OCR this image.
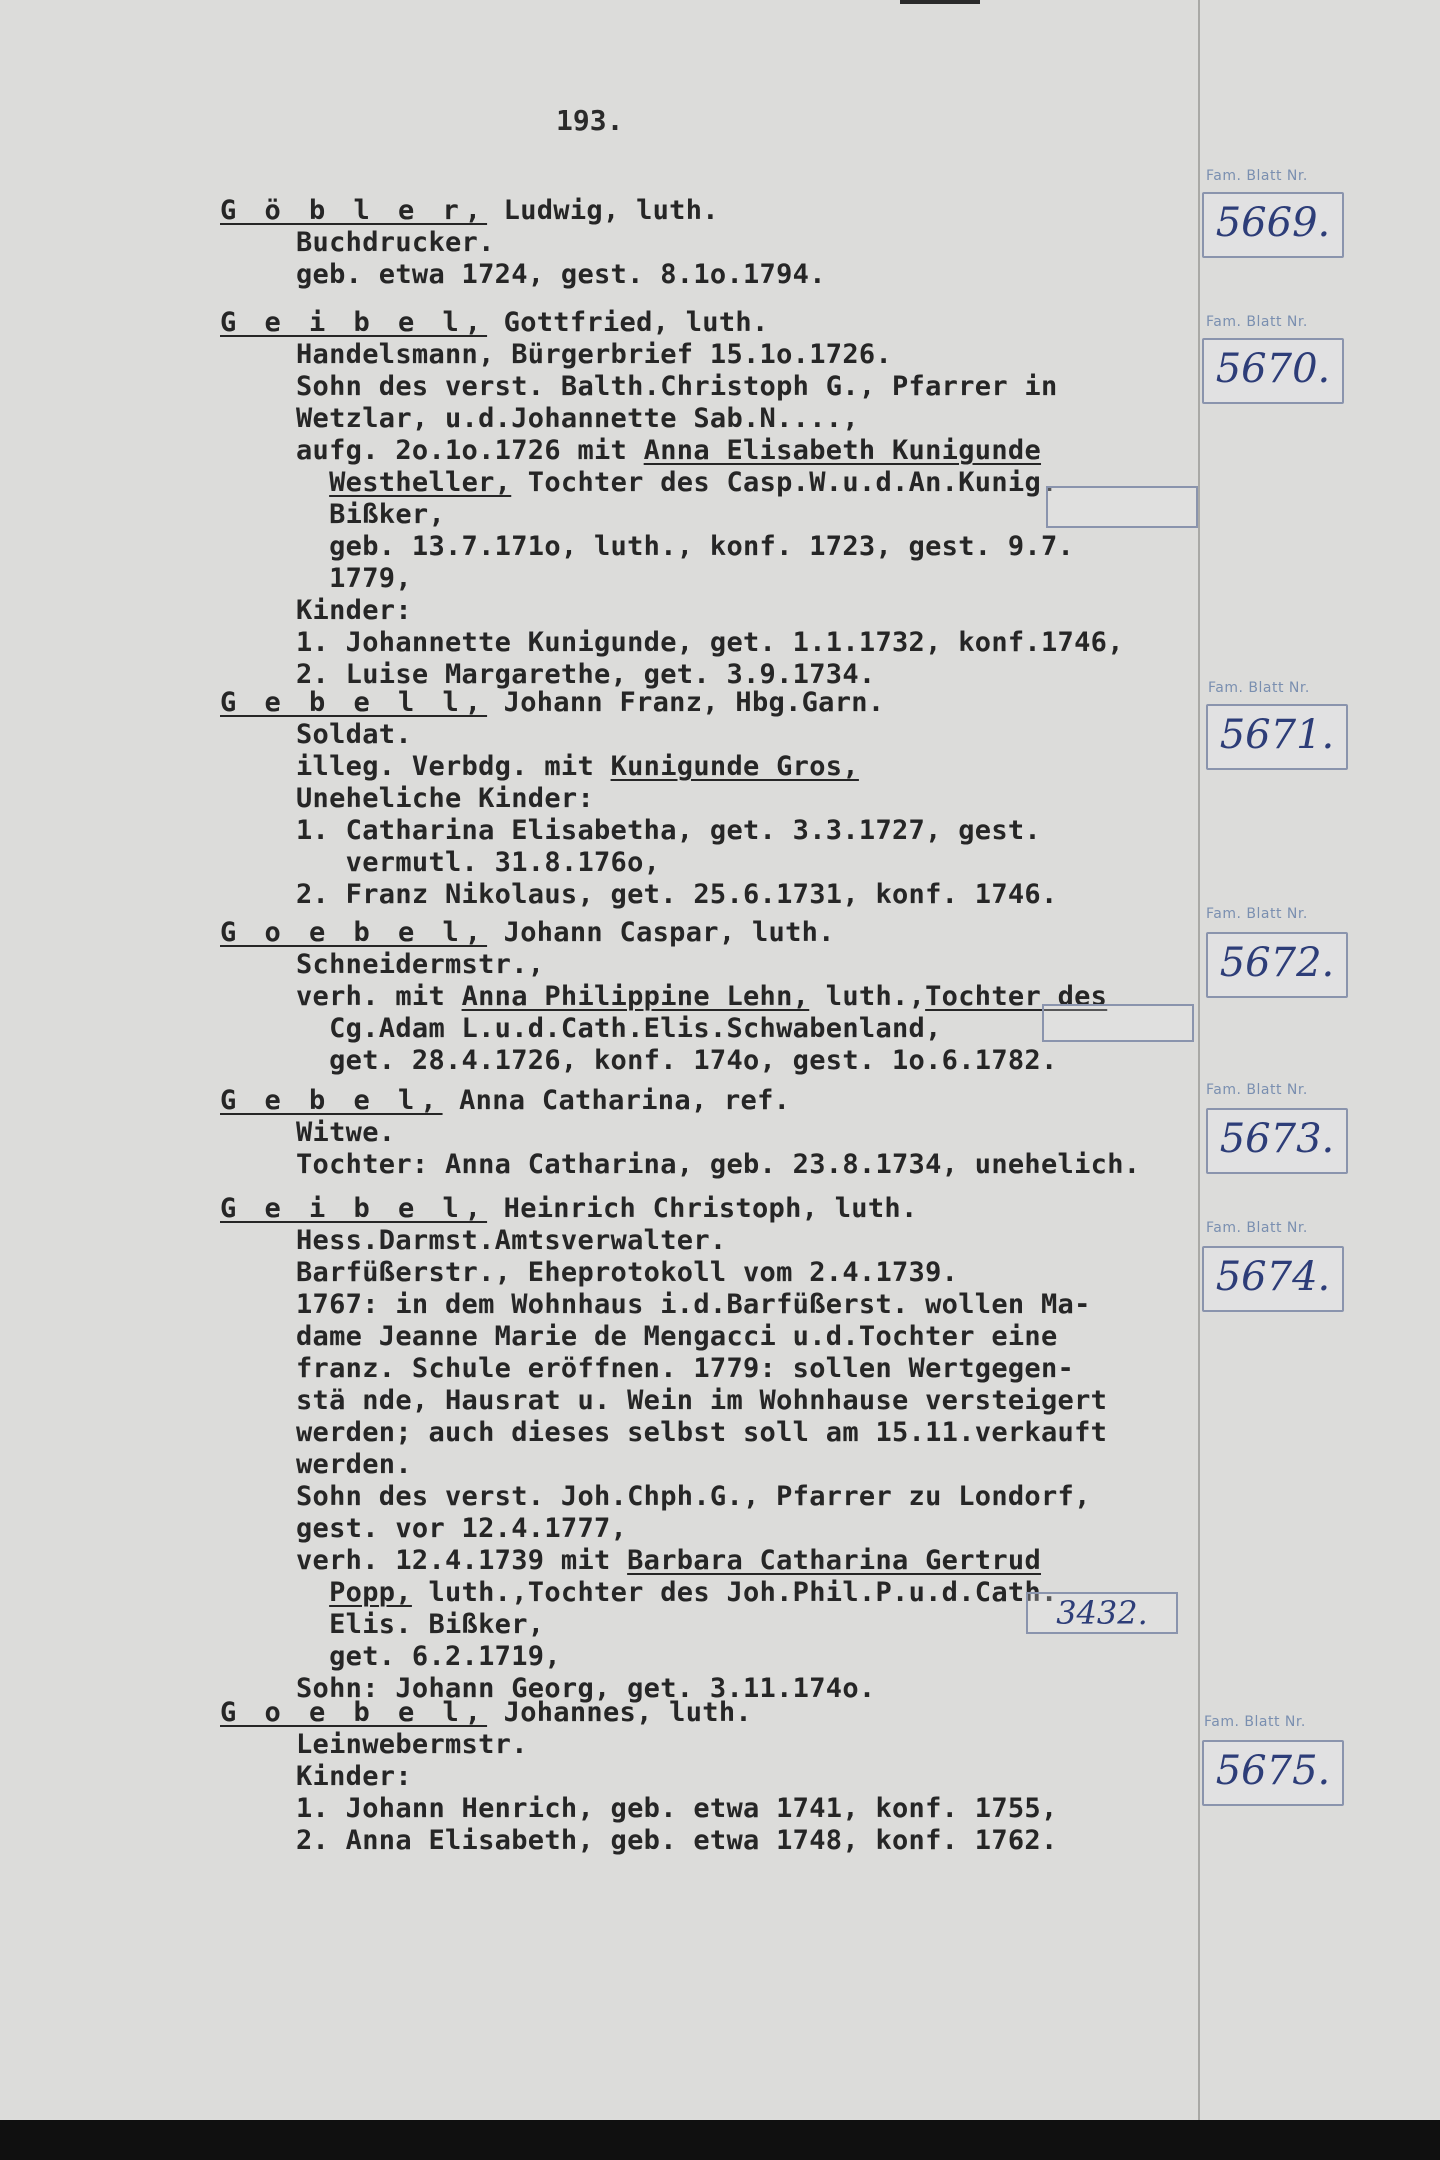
193.
G ö b l e r, Ludwig, luth.
Buchdrucker.
geb. etwa 1724, gest. 8.1o.1794.
Fam. Blatt Nr.
5669.
G e i b e l, Gottfried, luth.
Handelsmann, Bürgerbrief 15.1o.1726.
Sohn des verst. Balth.Christoph G., Pfarrer in
Wetzlar, u.d.Johannette Sab.N....,
aufg. 2o.1o.1726 mit Anna Elisabeth Kunigunde
Westheller, Tochter des Casp.W.u.d.An.Kunig.
Bißker,
geb. 13.7.171o, luth., konf. 1723, gest. 9.7.
1779,
Kinder:
1. Johannette Kunigunde, get. 1.1.1732, konf.1746,
2. Luise Margarethe, get. 3.9.1734.
Fam. Blatt Nr.
5670.
G e b e l l, Johann Franz, Hbg.Garn.
Soldat.
illeg. Verbdg. mit Kunigunde Gros,
Uneheliche Kinder:
1. Catharina Elisabetha, get. 3.3.1727, gest.
vermutl. 31.8.176o,
2. Franz Nikolaus, get. 25.6.1731, konf. 1746.
Fam. Blatt Nr.
5671.
G o e b e l, Johann Caspar, luth.
Schneidermstr.,
verh. mit Anna Philippine Lehn, luth.,Tochter des
Cg.Adam L.u.d.Cath.Elis.Schwabenland,
get. 28.4.1726, konf. 174o, gest. 1o.6.1782.
Fam. Blatt Nr.
5672.
G e b e l, Anna Catharina, ref.
Witwe.
Tochter: Anna Catharina, geb. 23.8.1734, unehelich.
Fam. Blatt Nr.
5673.
G e i b e l, Heinrich Christoph, luth.
Hess.Darmst.Amtsverwalter.
Barfüßerstr., Eheprotokoll vom 2.4.1739.
1767: in dem Wohnhaus i.d.Barfüßerst. wollen Ma-
dame Jeanne Marie de Mengacci u.d.Tochter eine
franz. Schule eröffnen. 1779: sollen Wertgegen-
stä nde, Hausrat u. Wein im Wohnhause versteigert
werden; auch dieses selbst soll am 15.11.verkauft
werden.
Sohn des verst. Joh.Chph.G., Pfarrer zu Londorf,
gest. vor 12.4.1777,
verh. 12.4.1739 mit Barbara Catharina Gertrud
Popp, luth.,Tochter des Joh.Phil.P.u.d.Cath.
Elis. Bißker,
get. 6.2.1719,
Sohn: Johann Georg, get. 3.11.174o.
Fam. Blatt Nr.
5674.
3432.
G o e b e l, Johannes, luth.
Leinwebermstr.
Kinder:
1. Johann Henrich, geb. etwa 1741, konf. 1755,
2. Anna Elisabeth, geb. etwa 1748, konf. 1762.
Fam. Blatt Nr.
5675.
